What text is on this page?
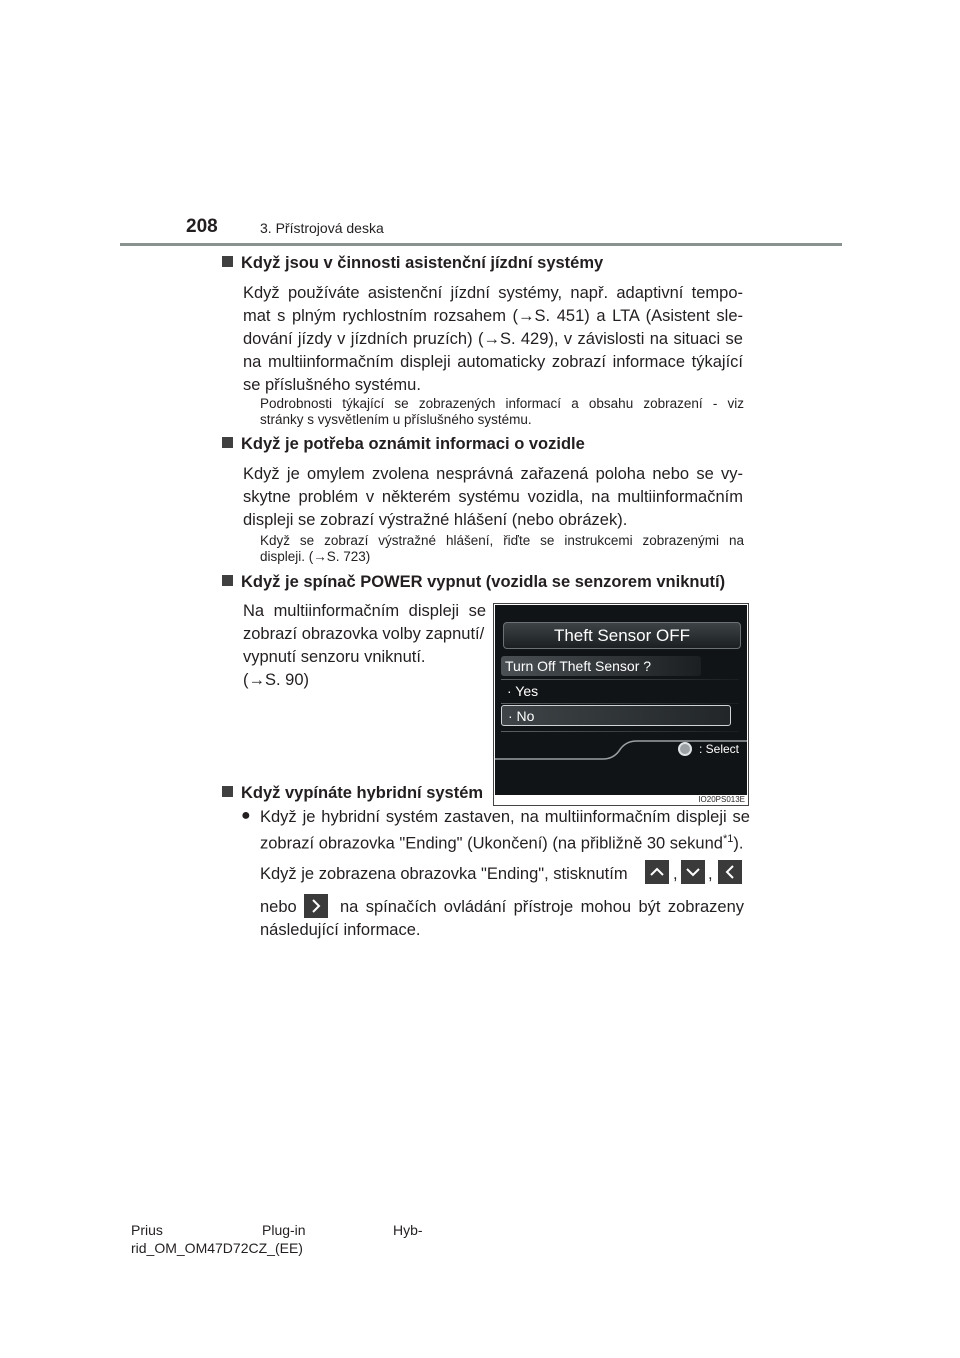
208	3. Přístrojová deska
Když jsou v činnosti asistenční jízdní systémy
Když používáte asistenční jízdní systémy, např. adaptivní tempo-
mat s plným rychlostním rozsahem (→S. 451) a LTA (Asistent sle-
dování jízdy v jízdních pruzích) (→S. 429), v závislosti na situaci se
na multiinformačním displeji automaticky zobrazí informace týkající
se příslušného systému.
Podrobnosti týkající se zobrazených informací a obsahu zobrazení - viz
stránky s vysvětlením u příslušného systému.
Když je potřeba oznámit informaci o vozidle
Když je omylem zvolena nesprávná zařazená poloha nebo se vy-
skytne problém v některém systému vozidla, na multiinformačním
displeji se zobrazí výstražné hlášení (nebo obrázek).
Když se zobrazí výstražné hlášení, řiďte se instrukcemi zobrazenými na
displeji. (→S. 723)
Když je spínač POWER vypnut (vozidla se senzorem vniknutí)
Na multiinformačním displeji se
zobrazí obrazovka volby zapnutí/
vypnutí senzoru vniknutí.
(→S. 90)
Theft Sensor OFF
Turn Off Theft Sensor ?
· Yes
· No
: Select
IO20PS013E
Když vypínáte hybridní systém
● Když je hybridní systém zastaven, na multiinformačním displeji se
zobrazí obrazovka "Ending" (Ukončení) (na přibližně 30 sekund$^{*1}$).
Když je zobrazena obrazovka "Ending", stisknutím	, ,
nebo	na spínačích ovládání přístroje mohou být zobrazeny
následující informace.
Prius	Plug-in	Hyb-
rid_OM_OM47D72CZ_(EE)
